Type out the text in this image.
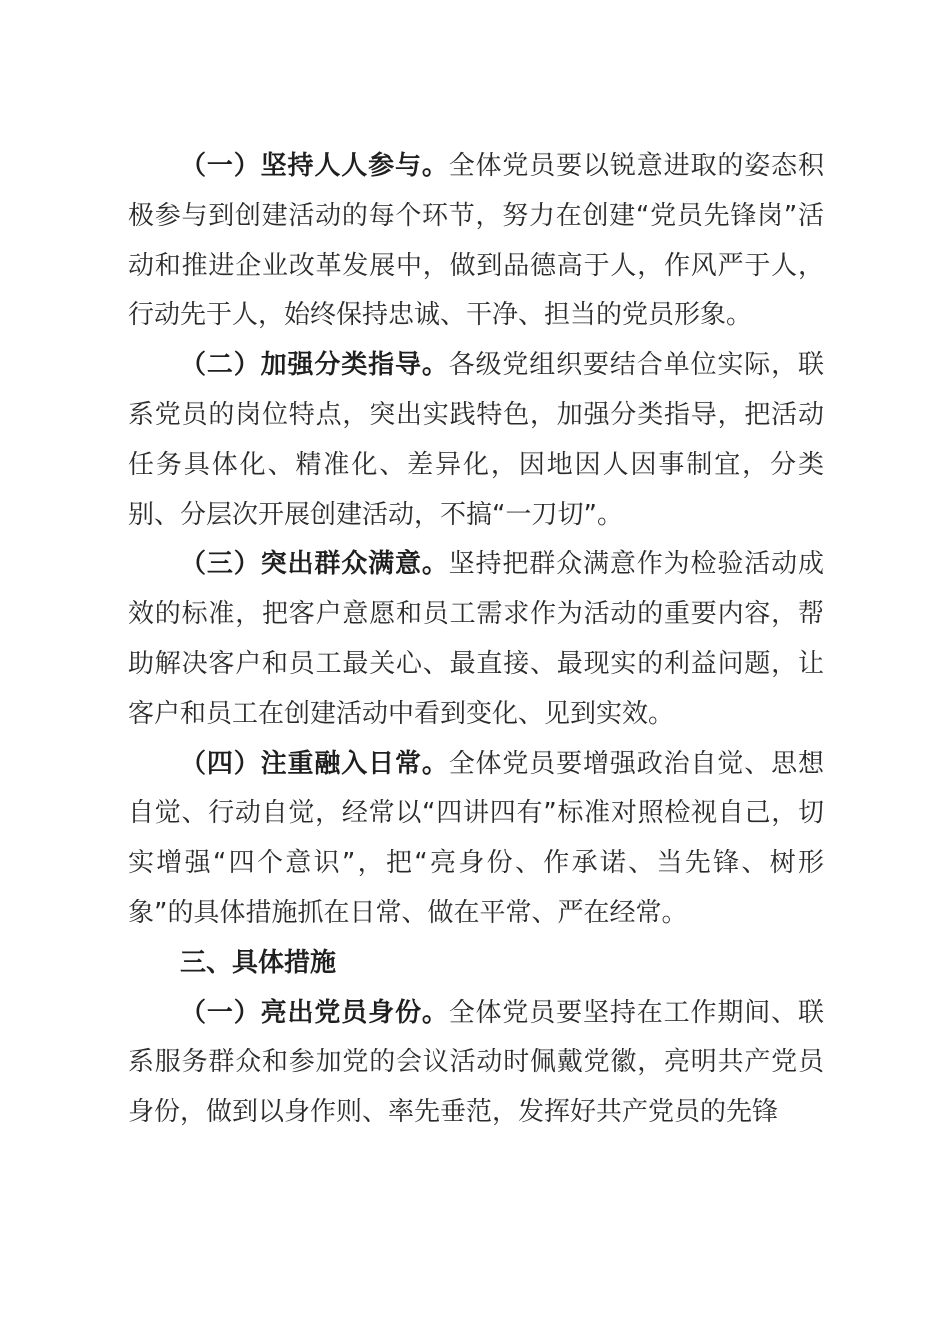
（一）坚持人人参与。全体党员要以锐意进取的姿态积极参与到创建活动的每个环节，努力在创建“党员先锋岗”活动和推进企业改革发展中，做到品德高于人，作风严于人，行动先于人，始终保持忠诚、干净、担当的党员形象。

（二）加强分类指导。各级党组织要结合单位实际，联系党员的岗位特点，突出实践特色，加强分类指导，把活动任务具体化、精准化、差异化，因地因人因事制宜，分类别、分层次开展创建活动，不搞“一刀切”。

（三）突出群众满意。坚持把群众满意作为检验活动成效的标准，把客户意愿和员工需求作为活动的重要内容，帮助解决客户和员工最关心、最直接、最现实的利益问题，让客户和员工在创建活动中看到变化、见到实效。

（四）注重融入日常。全体党员要增强政治自觉、思想自觉、行动自觉，经常以“四讲四有”标准对照检视自己，切实增强“四个意识”，把“亮身份、作承诺、当先锋、树形象”的具体措施抓在日常、做在平常、严在经常。

三、具体措施

（一）亮出党员身份。全体党员要坚持在工作期间、联系服务群众和参加党的会议活动时佩戴党徽，亮明共产党员身份，做到以身作则、率先垂范，发挥好共产党员的先锋
